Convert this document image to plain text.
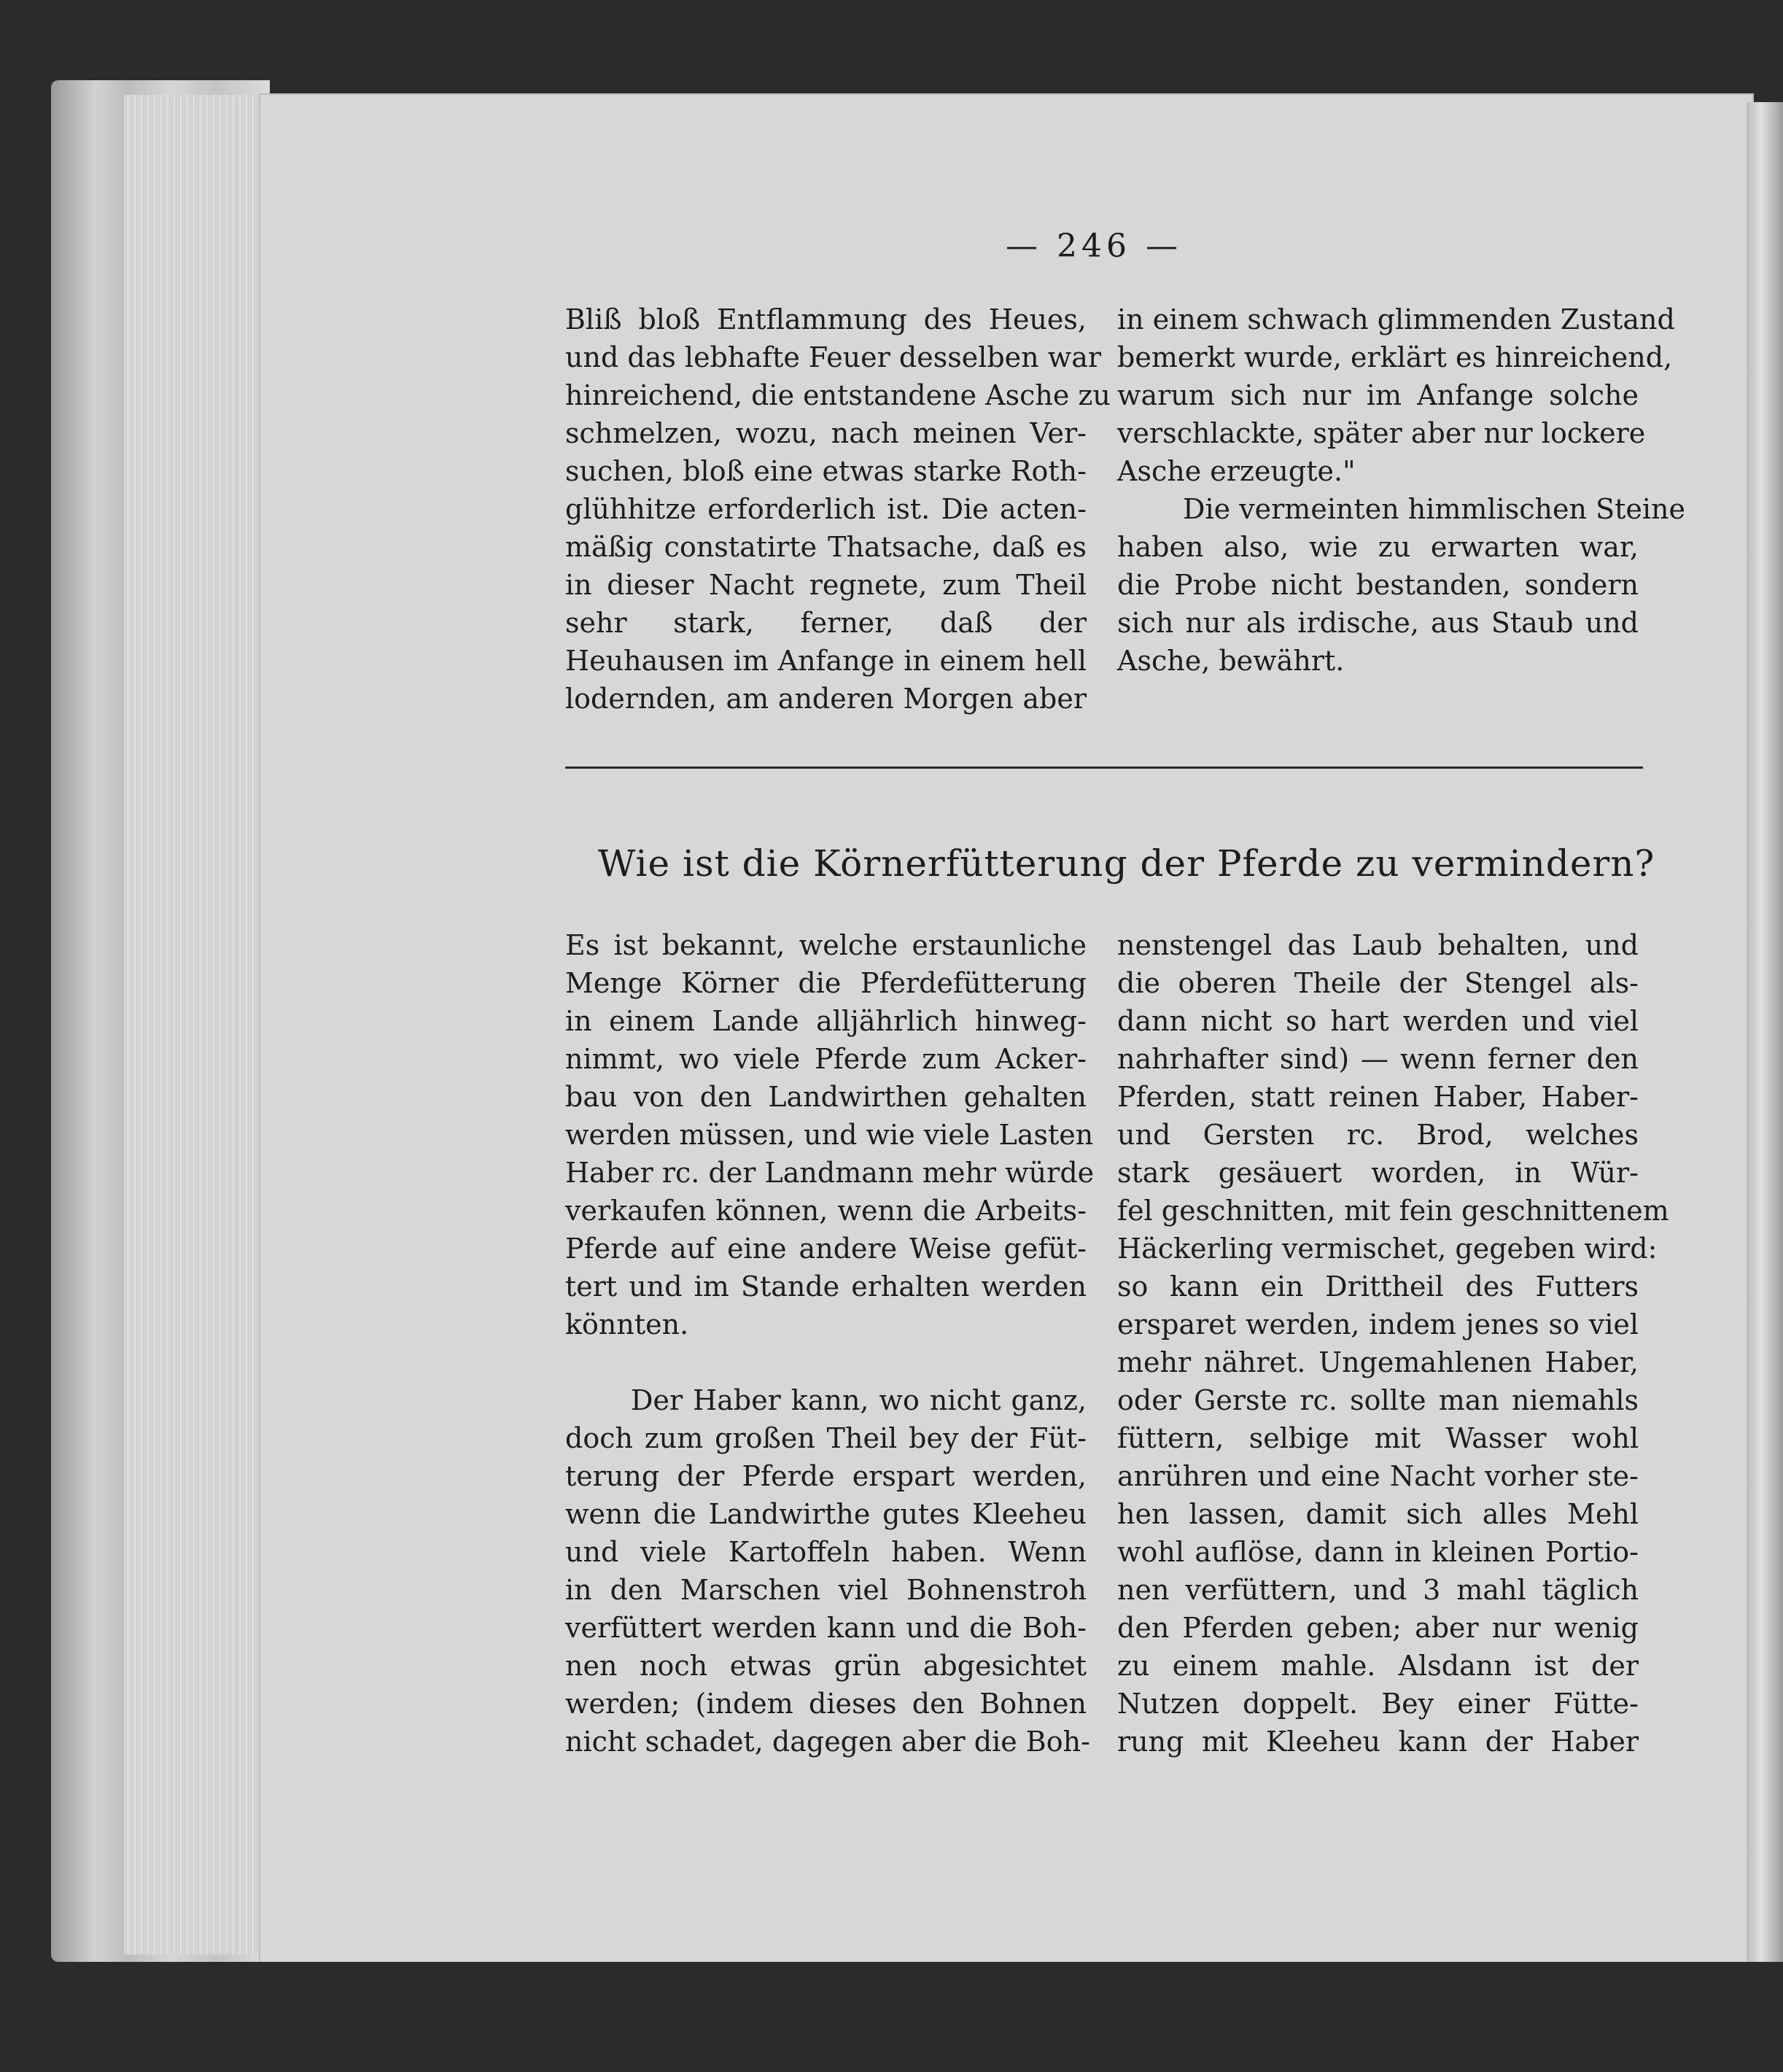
— 246 —
Bliß bloß Entflammung des Heues,
und das lebhafte Feuer desselben war
hinreichend, die entstandene Asche zu
schmelzen, wozu, nach meinen Ver-
suchen, bloß eine etwas starke Roth-
glühhitze erforderlich ist. Die acten-
mäßig constatirte Thatsache, daß es
in dieser Nacht regnete, zum Theil
sehr stark, ferner, daß der
Heuhausen im Anfange in einem hell
lodernden, am anderen Morgen aber
in einem schwach glimmenden Zustand
bemerkt wurde, erklärt es hinreichend,
warum sich nur im Anfange solche
verschlackte, später aber nur lockere
Asche erzeugte."
Die vermeinten himmlischen Steine
haben also, wie zu erwarten war,
die Probe nicht bestanden, sondern
sich nur als irdische, aus Staub und
Asche, bewährt.
Wie ist die Körnerfütterung der Pferde zu vermindern?
Es ist bekannt, welche erstaunliche
Menge Körner die Pferdefütterung
in einem Lande alljährlich hinweg-
nimmt, wo viele Pferde zum Acker-
bau von den Landwirthen gehalten
werden müssen, und wie viele Lasten
Haber rc. der Landmann mehr würde
verkaufen können, wenn die Arbeits-
Pferde auf eine andere Weise gefüt-
tert und im Stande erhalten werden
könnten.
Der Haber kann, wo nicht ganz,
doch zum großen Theil bey der Füt-
terung der Pferde erspart werden,
wenn die Landwirthe gutes Kleeheu
und viele Kartoffeln haben. Wenn
in den Marschen viel Bohnenstroh
verfüttert werden kann und die Boh-
nen noch etwas grün abgesichtet
werden; (indem dieses den Bohnen
nicht schadet, dagegen aber die Boh-
nenstengel das Laub behalten, und
die oberen Theile der Stengel als-
dann nicht so hart werden und viel
nahrhafter sind) — wenn ferner den
Pferden, statt reinen Haber, Haber-
und Gersten rc. Brod, welches
stark gesäuert worden, in Wür-
fel geschnitten, mit fein geschnittenem
Häckerling vermischet, gegeben wird:
so kann ein Drittheil des Futters
ersparet werden, indem jenes so viel
mehr nähret. Ungemahlenen Haber,
oder Gerste rc. sollte man niemahls
füttern, selbige mit Wasser wohl
anrühren und eine Nacht vorher ste-
hen lassen, damit sich alles Mehl
wohl auflöse, dann in kleinen Portio-
nen verfüttern, und 3 mahl täglich
den Pferden geben; aber nur wenig
zu einem mahle. Alsdann ist der
Nutzen doppelt. Bey einer Fütte-
rung mit Kleeheu kann der Haber
